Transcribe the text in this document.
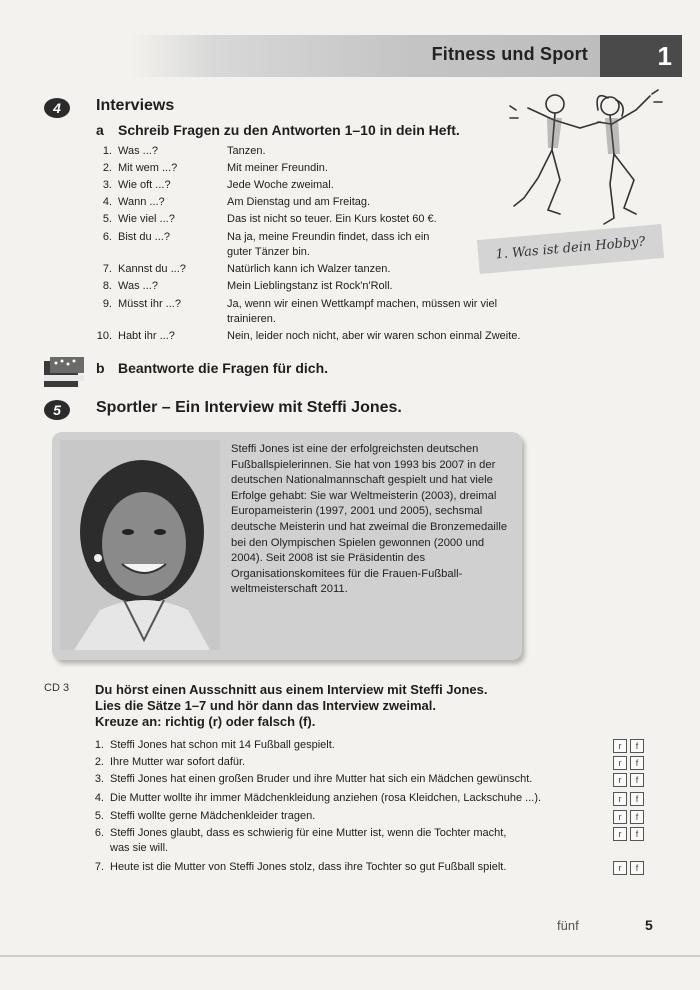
Fitness und Sport	1
4	Interviews
a Schreib Fragen zu den Antworten 1–10 in dein Heft.
1. Was ...?	Tanzen.
2. Mit wem ...?	Mit meiner Freundin.
3. Wie oft ...?	Jede Woche zweimal.
4. Wann ...?	Am Dienstag und am Freitag.
5. Wie viel ...?	Das ist nicht so teuer. Ein Kurs kostet 60 €.
6. Bist du ...?	Na ja, meine Freundin findet, dass ich ein
guter Tänzer bin.
7. Kannst du ...?	Natürlich kann ich Walzer tanzen.
8. Was ...?	Mein Lieblingstanz ist Rock'n'Roll.
9. Müsst ihr ...?	Ja, wenn wir einen Wettkampf machen, müssen wir viel
trainieren.
10. Habt ihr ...?	Nein, leider noch nicht, aber wir waren schon einmal Zweite.
1. Was ist dein Hobby?
b Beantworte die Fragen für dich.
5	Sportler – Ein Interview mit Steffi Jones.
Steffi Jones ist eine der erfolgreichsten deutschen Fußballspielerinnen. Sie hat von 1993 bis 2007 in der deutschen Nationalmannschaft gespielt und hat viele Erfolge gehabt: Sie war Weltmeisterin (2003), dreimal Europameisterin (1997, 2001 und 2005), sechsmal deutsche Meisterin und hat zweimal die Bronzemedaille bei den Olympischen Spielen gewonnen (2000 und 2004). Seit 2008 ist sie Präsidentin des Organisationskomitees für die Frauen-Fußball-weltmeisterschaft 2011.
CD 3 Du hörst einen Ausschnitt aus einem Interview mit Steffi Jones.
Lies die Sätze 1–7 und hör dann das Interview zweimal.
Kreuze an: richtig (r) oder falsch (f).
1. Steffi Jones hat schon mit 14 Fußball gespielt.	r	f
2. Ihre Mutter war sofort dafür.	r	f
3. Steffi Jones hat einen großen Bruder und ihre Mutter hat sich ein Mädchen gewünscht.	r	f
4. Die Mutter wollte ihr immer Mädchenkleidung anziehen (rosa Kleidchen, Lackschuhe ...).	r	f
5. Steffi wollte gerne Mädchenkleider tragen.	r	f
6. Steffi Jones glaubt, dass es schwierig für eine Mutter ist, wenn die Tochter macht,
was sie will.
r	f
7. Heute ist die Mutter von Steffi Jones stolz, dass ihre Tochter so gut Fußball spielt.	r	f
fünf	5
